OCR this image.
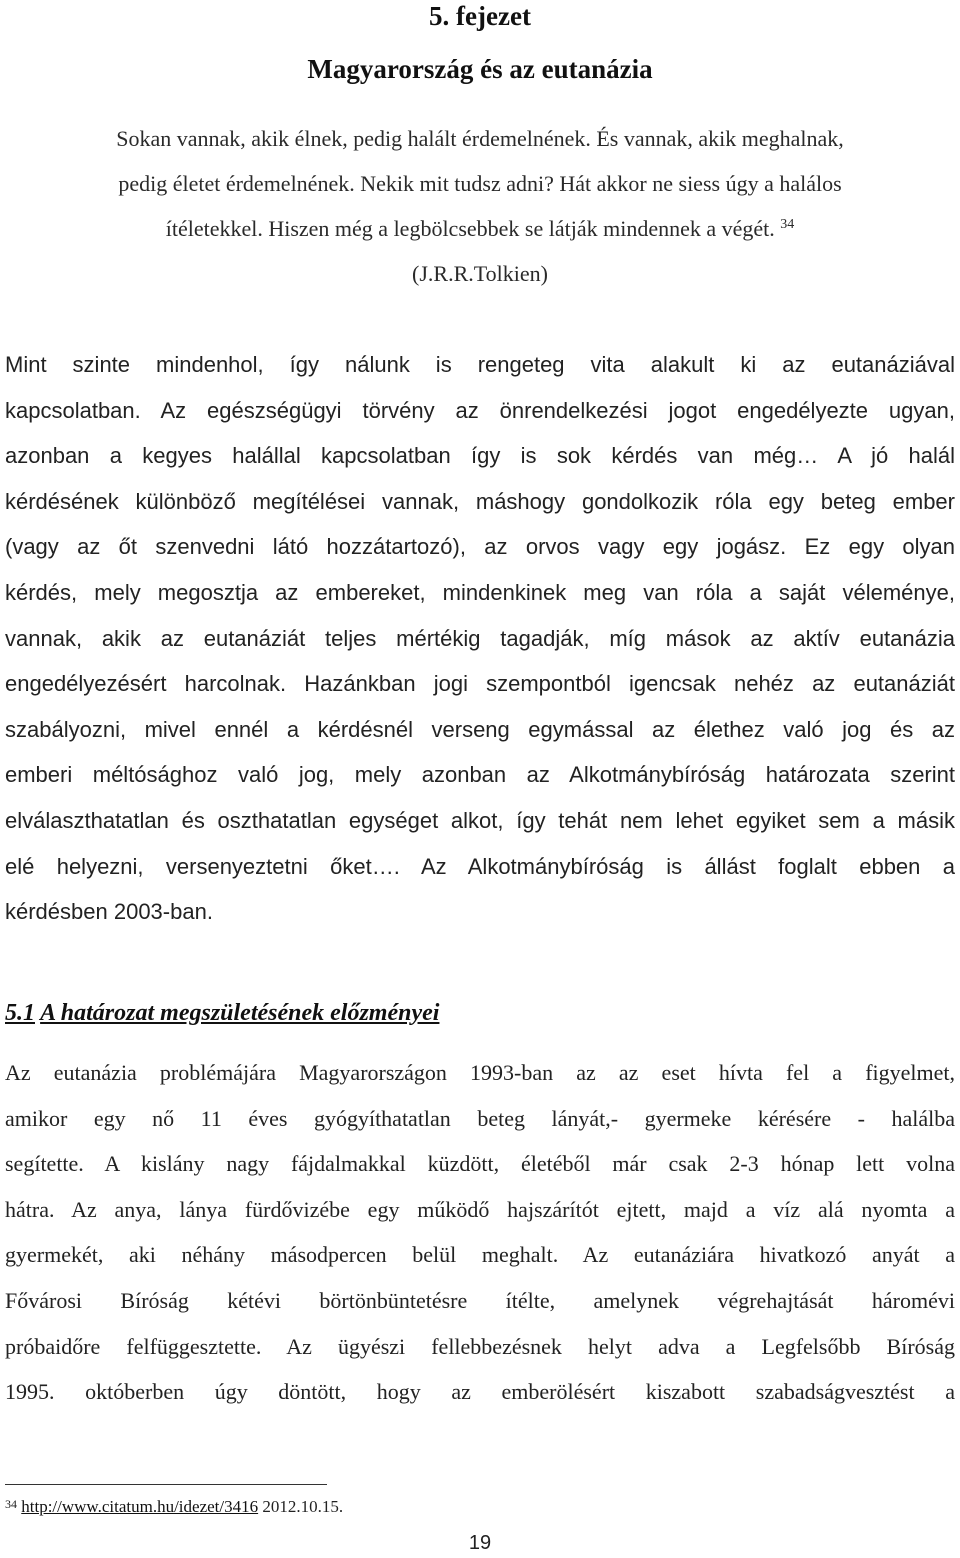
5. fejezet
Magyarország és az eutanázia
Sokan vannak, akik élnek, pedig halált érdemelnének. És vannak, akik meghalnak,
pedig életet érdemelnének. Nekik mit tudsz adni? Hát akkor ne siess úgy a halálos
ítéletekkel. Hiszen még a legbölcsebbek se látják mindennek a végét. $^{34}$
(J.R.R.Tolkien)
Mint szinte mindenhol, így nálunk is rengeteg vita alakult ki az eutanáziával
kapcsolatban. Az egészségügyi törvény az önrendelkezési jogot engedélyezte ugyan,
azonban a kegyes halállal kapcsolatban így is sok kérdés van még… A jó halál
kérdésének különböző megítélései vannak, máshogy gondolkozik róla egy beteg ember
(vagy az őt szenvedni látó hozzátartozó), az orvos vagy egy jogász. Ez egy olyan
kérdés, mely megosztja az embereket, mindenkinek meg van róla a saját véleménye,
vannak, akik az eutanáziát teljes mértékig tagadják, míg mások az aktív eutanázia
engedélyezésért harcolnak. Hazánkban jogi szempontból igencsak nehéz az eutanáziát
szabályozni, mivel ennél a kérdésnél verseng egymással az élethez való jog és az
emberi méltósághoz való jog, mely azonban az Alkotmánybíróság határozata szerint
elválaszthatatlan és oszthatatlan egységet alkot, így tehát nem lehet egyiket sem a másik
elé helyezni, versenyeztetni őket…. Az Alkotmánybíróság is állást foglalt ebben a
kérdésben 2003-ban.
5.1 A határozat megszületésének előzményei
Az eutanázia problémájára Magyarországon 1993-ban az az eset hívta fel a figyelmet,
amikor egy nő 11 éves gyógyíthatatlan beteg lányát,- gyermeke kérésére - halálba
segítette. A kislány nagy fájdalmakkal küzdött, életéből már csak 2-3 hónap lett volna
hátra. Az anya, lánya fürdővizébe egy működő hajszárítót ejtett, majd a víz alá nyomta a
gyermekét, aki néhány másodpercen belül meghalt. Az eutanáziára hivatkozó anyát a
Fővárosi Bíróság kétévi börtönbüntetésre ítélte, amelynek végrehajtását háromévi
próbaidőre felfüggesztette. Az ügyészi fellebbezésnek helyt adva a Legfelsőbb Bíróság
1995. októberben úgy döntött, hogy az emberölésért kiszabott szabadságvesztést a
$^{34}$ http://www.citatum.hu/idezet/3416 2012.10.15.
19
